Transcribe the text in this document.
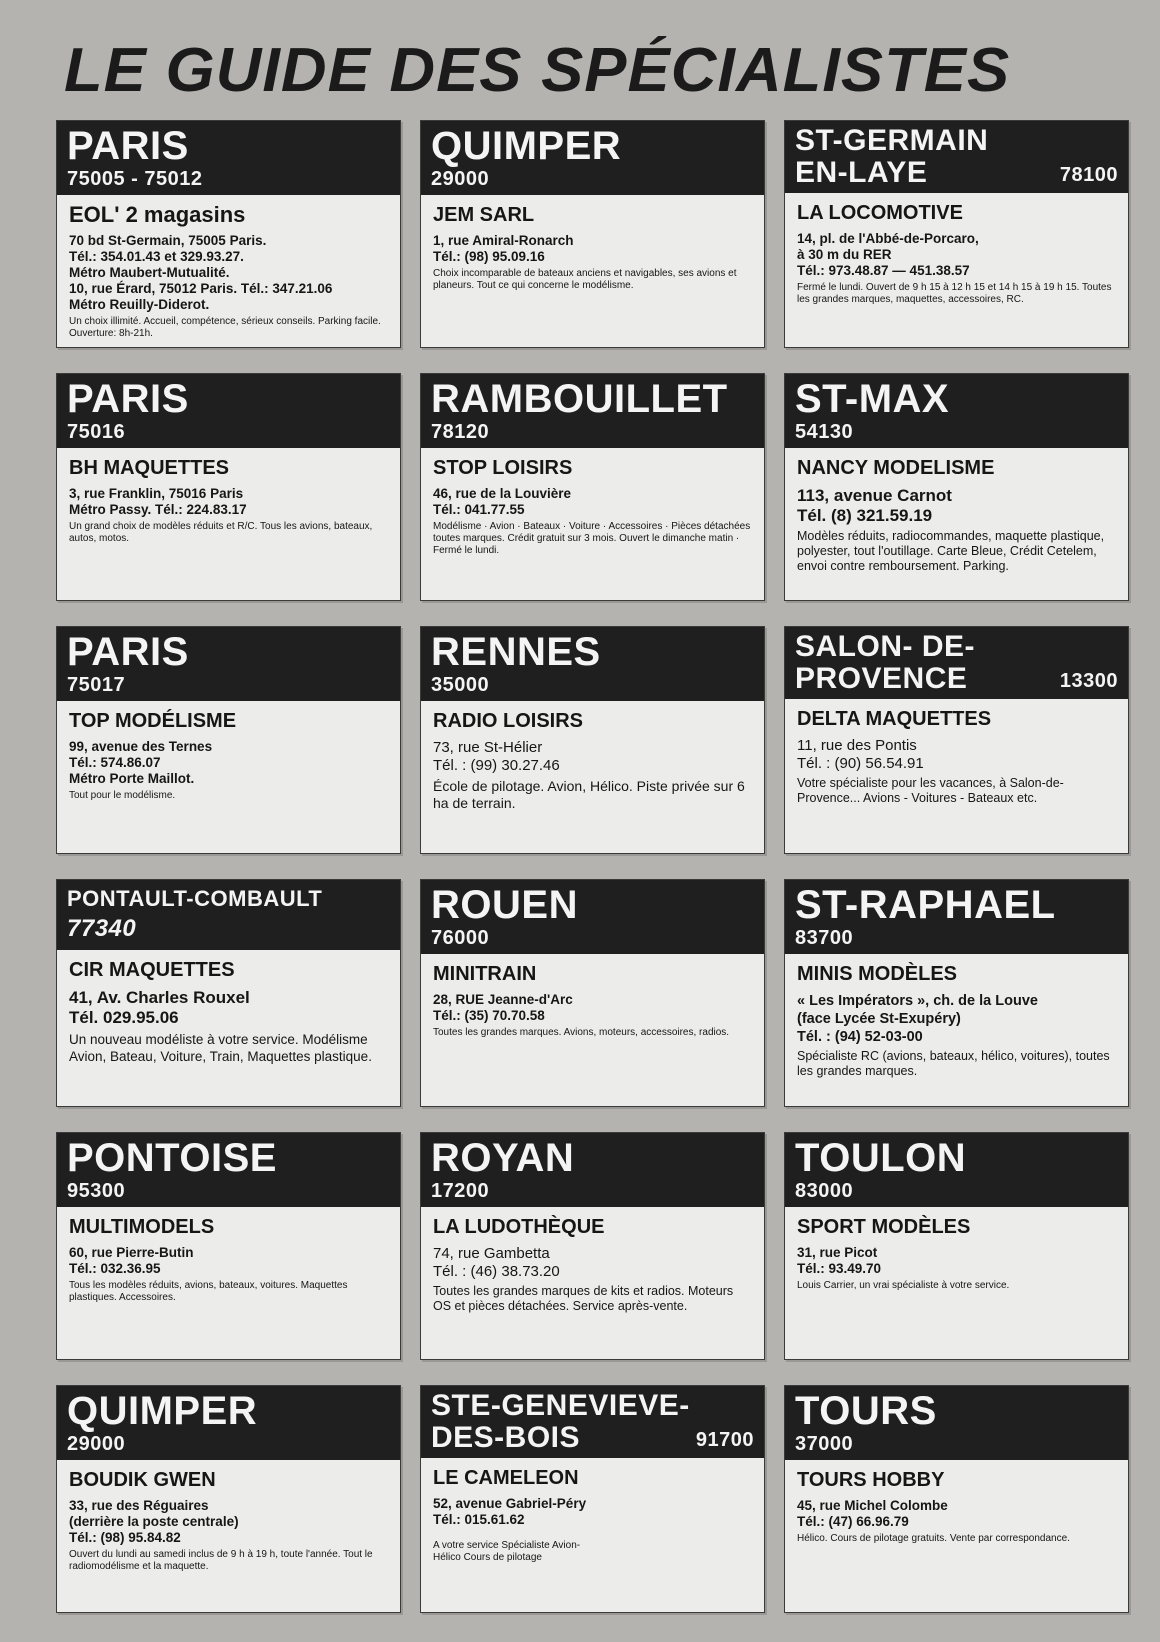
LE GUIDE DES SPÉCIALISTES
PARIS
75005 - 75012
EOL' 2 magasins

70 bd St-Germain, 75005 Paris.

Tél.: 354.01.43 et 329.93.27.

Métro Maubert-Mutualité.

10, rue Érard, 75012 Paris. Tél.: 347.21.06

Métro Reuilly-Diderot.

Un choix illimité. Accueil, compétence, sérieux conseils. Parking facile. Ouverture: 8h-21h.
QUIMPER
29000
JEM SARL

1, rue Amiral-Ronarch

Tél.: (98) 95.09.16

Choix incomparable de bateaux anciens et navigables, ses avions et planeurs. Tout ce qui concerne le modélisme.
ST-GERMAIN
EN-LAYE	78100
LA LOCOMOTIVE

14, pl. de l'Abbé-de-Porcaro,

à 30 m du RER

Tél.: 973.48.87 — 451.38.57

Fermé le lundi. Ouvert de 9 h 15 à 12 h 15 et 14 h 15 à 19 h 15. Toutes les grandes marques, maquettes, accessoires, RC.
PARIS
75016
BH MAQUETTES

3, rue Franklin, 75016 Paris

Métro Passy. Tél.: 224.83.17

Un grand choix de modèles réduits et R/C. Tous les avions, bateaux, autos, motos.
RAMBOUILLET
78120
STOP LOISIRS

46, rue de la Louvière

Tél.: 041.77.55

Modélisme · Avion · Bateaux · Voiture · Accessoires · Pièces détachées toutes marques. Crédit gratuit sur 3 mois. Ouvert le dimanche matin · Fermé le lundi.
ST-MAX
54130
NANCY MODELISME

113, avenue Carnot

Tél. (8) 321.59.19

Modèles réduits, radiocommandes, maquette plastique, polyester, tout l'outillage. Carte Bleue, Crédit Cetelem, envoi contre remboursement. Parking.
PARIS
75017
TOP MODÉLISME

99, avenue des Ternes

Tél.: 574.86.07

Métro Porte Maillot.

Tout pour le modélisme.
RENNES
35000
RADIO LOISIRS

73, rue St-Hélier

Tél. : (99) 30.27.46

École de pilotage. Avion, Hélico. Piste privée sur 6 ha de terrain.
SALON- DE-
PROVENCE	13300
DELTA MAQUETTES

11, rue des Pontis

Tél. : (90) 56.54.91

Votre spécialiste pour les vacances, à Salon-de-Provence... Avions - Voitures - Bateaux etc.
PONTAULT-COMBAULT
77340
CIR MAQUETTES

41, Av. Charles Rouxel

Tél. 029.95.06

Un nouveau modéliste à votre service. Modélisme Avion, Bateau, Voiture, Train, Maquettes plastique.
ROUEN
76000
MINITRAIN

28, RUE Jeanne-d'Arc

Tél.: (35) 70.70.58

Toutes les grandes marques. Avions, moteurs, accessoires, radios.
ST-RAPHAEL
83700
MINIS MODÈLES

« Les Impérators », ch. de la Louve

(face Lycée St-Exupéry)

Tél. : (94) 52-03-00

Spécialiste RC (avions, bateaux, hélico, voitures), toutes les grandes marques.
PONTOISE
95300
MULTIMODELS

60, rue Pierre-Butin

Tél.: 032.36.95

Tous les modèles réduits, avions, bateaux, voitures. Maquettes plastiques. Accessoires.
ROYAN
17200
LA LUDOTHÈQUE

74, rue Gambetta

Tél. : (46) 38.73.20

Toutes les grandes marques de kits et radios. Moteurs OS et pièces détachées. Service après-vente.
TOULON
83000
SPORT MODÈLES

31, rue Picot

Tél.: 93.49.70

Louis Carrier, un vrai spécialiste à votre service.
QUIMPER
29000
BOUDIK GWEN

33, rue des Réguaires

(derrière la poste centrale)

Tél.: (98) 95.84.82

Ouvert du lundi au samedi inclus de 9 h à 19 h, toute l'année. Tout le radiomodélisme et la maquette.
STE-GENEVIEVE-
DES-BOIS	91700
LE CAMELEON

52, avenue Gabriel-Péry

Tél.: 015.61.62

A votre service Spécialiste Avion-Hélico Cours de pilotage
TOURS
37000
TOURS HOBBY

45, rue Michel Colombe

Tél.: (47) 66.96.79

Hélico. Cours de pilotage gratuits. Vente par correspondance.
